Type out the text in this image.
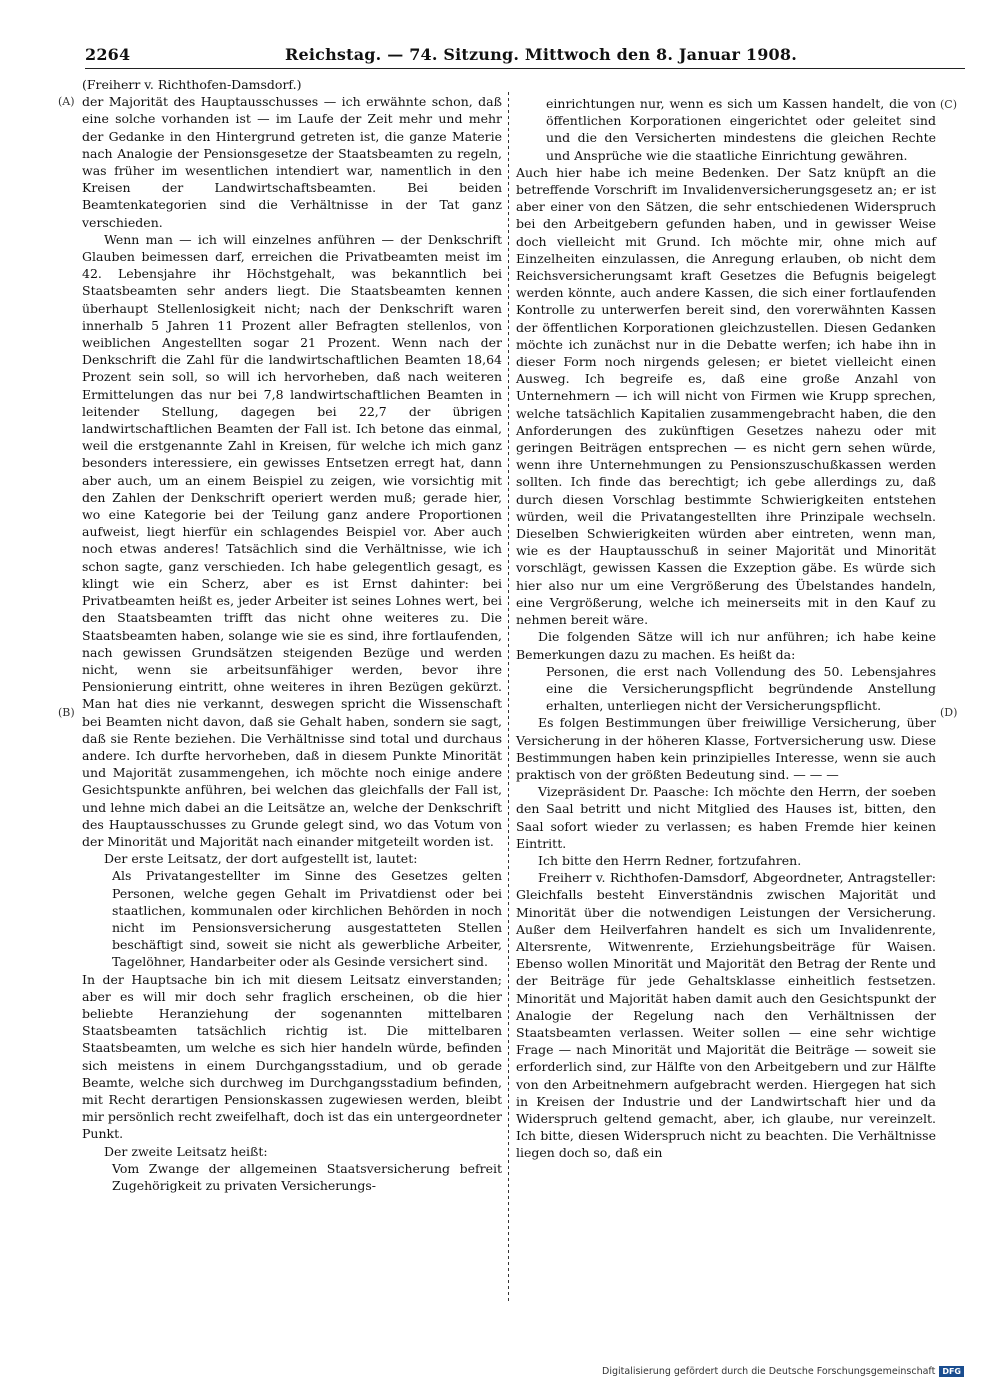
2264	Reichstag. — 74. Sitzung. Mittwoch den 8. Januar 1908.
(A)
(B)
(C)
(D)

(Freiherr v. Richthofen-Damsdorf.)

der Majorität des Hauptausschusses — ich erwähnte schon, daß eine solche vorhanden ist — im Laufe der Zeit mehr und mehr der Gedanke in den Hintergrund getreten ist, die ganze Materie nach Analogie der Pensionsgesetze der Staatsbeamten zu regeln, was früher im wesentlichen intendiert war, namentlich in den Kreisen der Landwirtschaftsbeamten. Bei beiden Beamtenkategorien sind die Verhältnisse in der Tat ganz verschieden.

Wenn man — ich will einzelnes anführen — der Denkschrift Glauben beimessen darf, erreichen die Privatbeamten meist im 42. Lebensjahre ihr Höchstgehalt, was bekanntlich bei Staatsbeamten sehr anders liegt. Die Staatsbeamten kennen überhaupt Stellenlosigkeit nicht; nach der Denkschrift waren innerhalb 5 Jahren 11 Prozent aller Befragten stellenlos, von weiblichen Angestellten sogar 21 Prozent. Wenn nach der Denkschrift die Zahl für die landwirtschaftlichen Beamten 18,64 Prozent sein soll, so will ich hervorheben, daß nach weiteren Ermittelungen das nur bei 7,8 landwirtschaftlichen Beamten in leitender Stellung, dagegen bei 22,7 der übrigen landwirtschaftlichen Beamten der Fall ist. Ich betone das einmal, weil die erstgenannte Zahl in Kreisen, für welche ich mich ganz besonders interessiere, ein gewisses Entsetzen erregt hat, dann aber auch, um an einem Beispiel zu zeigen, wie vorsichtig mit den Zahlen der Denkschrift operiert werden muß; gerade hier, wo eine Kategorie bei der Teilung ganz andere Proportionen aufweist, liegt hierfür ein schlagendes Beispiel vor. Aber auch noch etwas anderes! Tatsächlich sind die Verhältnisse, wie ich schon sagte, ganz verschieden. Ich habe gelegentlich gesagt, es klingt wie ein Scherz, aber es ist Ernst dahinter: bei Privatbeamten heißt es, jeder Arbeiter ist seines Lohnes wert, bei den Staatsbeamten trifft das nicht ohne weiteres zu. Die Staatsbeamten haben, solange wie sie es sind, ihre fortlaufenden, nach gewissen Grundsätzen steigenden Bezüge und werden nicht, wenn sie arbeitsunfähiger werden, bevor ihre Pensionierung eintritt, ohne weiteres in ihren Bezügen gekürzt. Man hat dies nie verkannt, deswegen spricht die Wissenschaft bei Beamten nicht davon, daß sie Gehalt haben, sondern sie sagt, daß sie Rente beziehen. Die Verhältnisse sind total und durchaus andere. Ich durfte hervorheben, daß in diesem Punkte Minorität und Majorität zusammengehen, ich möchte noch einige andere Gesichtspunkte anführen, bei welchen das gleichfalls der Fall ist, und lehne mich dabei an die Leitsätze an, welche der Denkschrift des Hauptausschusses zu Grunde gelegt sind, wo das Votum von der Minorität und Majorität nach einander mitgeteilt worden ist.

Der erste Leitsatz, der dort aufgestellt ist, lautet:

Als Privatangestellter im Sinne des Gesetzes gelten Personen, welche gegen Gehalt im Privatdienst oder bei staatlichen, kommunalen oder kirchlichen Behörden in noch nicht im Pensionsversicherung ausgestatteten Stellen beschäftigt sind, soweit sie nicht als gewerbliche Arbeiter, Tagelöhner, Handarbeiter oder als Gesinde versichert sind.

In der Hauptsache bin ich mit diesem Leitsatz einverstanden; aber es will mir doch sehr fraglich erscheinen, ob die hier beliebte Heranziehung der sogenannten mittelbaren Staatsbeamten tatsächlich richtig ist. Die mittelbaren Staatsbeamten, um welche es sich hier handeln würde, befinden sich meistens in einem Durchgangsstadium, und ob gerade Beamte, welche sich durchweg im Durchgangsstadium befinden, mit Recht derartigen Pensionskassen zugewiesen werden, bleibt mir persönlich recht zweifelhaft, doch ist das ein untergeordneter Punkt.

Der zweite Leitsatz heißt:

Vom Zwange der allgemeinen Staatsversicherung befreit Zugehörigkeit zu privaten Versicherungs-

einrichtungen nur, wenn es sich um Kassen handelt, die von öffentlichen Korporationen eingerichtet oder geleitet sind und die den Versicherten mindestens die gleichen Rechte und Ansprüche wie die staatliche Einrichtung gewähren.

Auch hier habe ich meine Bedenken. Der Satz knüpft an die betreffende Vorschrift im Invalidenversicherungsgesetz an; er ist aber einer von den Sätzen, die sehr entschiedenen Widerspruch bei den Arbeitgebern gefunden haben, und in gewisser Weise doch vielleicht mit Grund. Ich möchte mir, ohne mich auf Einzelheiten einzulassen, die Anregung erlauben, ob nicht dem Reichsversicherungsamt kraft Gesetzes die Befugnis beigelegt werden könnte, auch andere Kassen, die sich einer fortlaufenden Kontrolle zu unterwerfen bereit sind, den vorerwähnten Kassen der öffentlichen Korporationen gleichzustellen. Diesen Gedanken möchte ich zunächst nur in die Debatte werfen; ich habe ihn in dieser Form noch nirgends gelesen; er bietet vielleicht einen Ausweg. Ich begreife es, daß eine große Anzahl von Unternehmern — ich will nicht von Firmen wie Krupp sprechen, welche tatsächlich Kapitalien zusammengebracht haben, die den Anforderungen des zukünftigen Gesetzes nahezu oder mit geringen Beiträgen entsprechen — es nicht gern sehen würde, wenn ihre Unternehmungen zu Pensionszuschußkassen werden sollten. Ich finde das berechtigt; ich gebe allerdings zu, daß durch diesen Vorschlag bestimmte Schwierigkeiten entstehen würden, weil die Privatangestellten ihre Prinzipale wechseln. Dieselben Schwierigkeiten würden aber eintreten, wenn man, wie es der Hauptausschuß in seiner Majorität und Minorität vorschlägt, gewissen Kassen die Exzeption gäbe. Es würde sich hier also nur um eine Vergrößerung des Übelstandes handeln, eine Vergrößerung, welche ich meinerseits mit in den Kauf zu nehmen bereit wäre.

Die folgenden Sätze will ich nur anführen; ich habe keine Bemerkungen dazu zu machen. Es heißt da:

Personen, die erst nach Vollendung des 50. Lebensjahres eine die Versicherungspflicht begründende Anstellung erhalten, unterliegen nicht der Versicherungspflicht.

Es folgen Bestimmungen über freiwillige Versicherung, über Versicherung in der höheren Klasse, Fortversicherung usw. Diese Bestimmungen haben kein prinzipielles Interesse, wenn sie auch praktisch von der größten Bedeutung sind. — — —

Vizepräsident Dr. Paasche: Ich möchte den Herrn, der soeben den Saal betritt und nicht Mitglied des Hauses ist, bitten, den Saal sofort wieder zu verlassen; es haben Fremde hier keinen Eintritt.

Ich bitte den Herrn Redner, fortzufahren.

Freiherr v. Richthofen-Damsdorf, Abgeordneter, Antragsteller: Gleichfalls besteht Einverständnis zwischen Majorität und Minorität über die notwendigen Leistungen der Versicherung. Außer dem Heilverfahren handelt es sich um Invalidenrente, Altersrente, Witwenrente, Erziehungsbeiträge für Waisen. Ebenso wollen Minorität und Majorität den Betrag der Rente und der Beiträge für jede Gehaltsklasse einheitlich festsetzen. Minorität und Majorität haben damit auch den Gesichtspunkt der Analogie der Regelung nach den Verhältnissen der Staatsbeamten verlassen. Weiter sollen — eine sehr wichtige Frage — nach Minorität und Majorität die Beiträge — soweit sie erforderlich sind, zur Hälfte von den Arbeitgebern und zur Hälfte von den Arbeitnehmern aufgebracht werden. Hiergegen hat sich in Kreisen der Industrie und der Landwirtschaft hier und da Widerspruch geltend gemacht, aber, ich glaube, nur vereinzelt. Ich bitte, diesen Widerspruch nicht zu beachten. Die Verhältnisse liegen doch so, daß ein

Digitalisierung gefördert durch die Deutsche Forschungsgemeinschaft DFG
